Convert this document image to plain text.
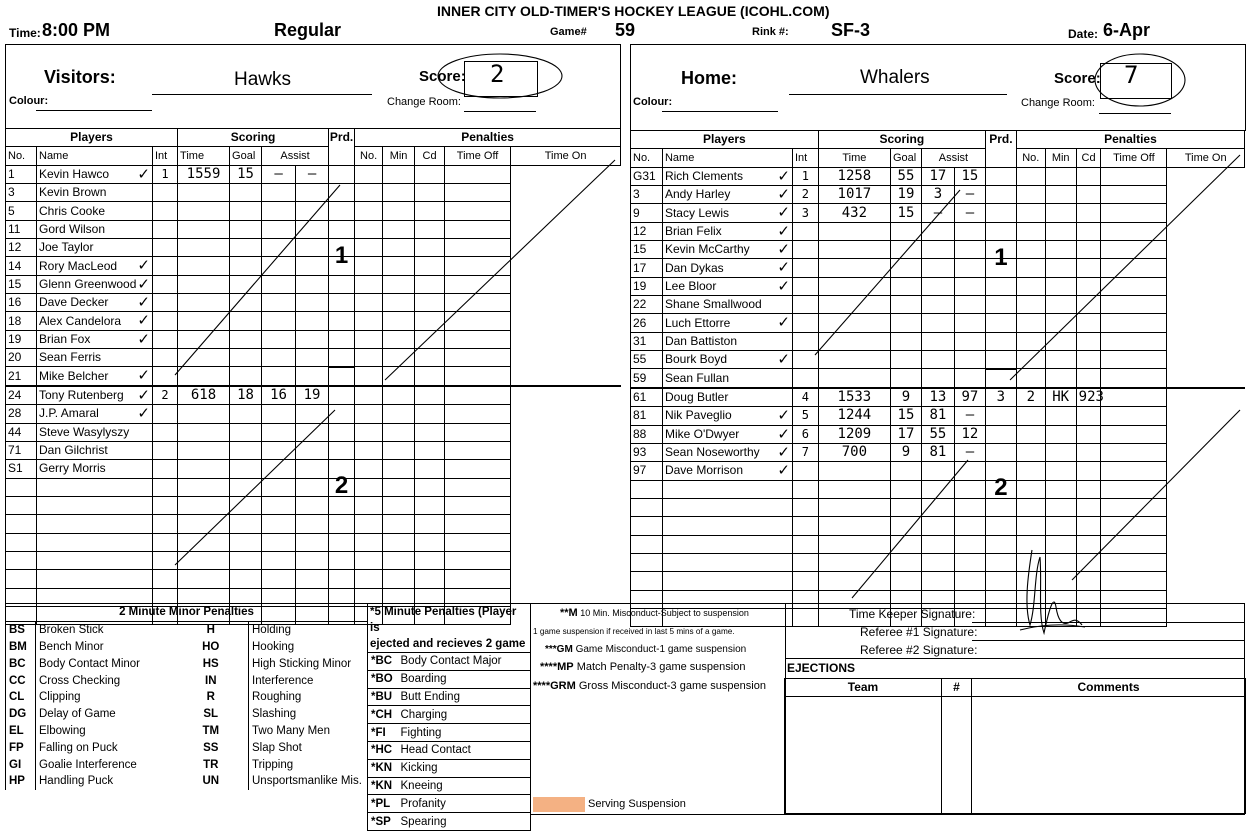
INNER CITY OLD-TIMER'S HOCKEY LEAGUE (ICOHL.COM)
Time: 8:00 PM	Regular	Game# 59	Rink #: SF-3	Date: 6-Apr
Visitors:	Hawks	Score: 2
Colour:	Change Room:
Players			Scoring				Prd.
1
2	Penalties				
No.	Name	Int	Time	Goal	Assist			No.	Min	Cd	Time Off	Time On
1	Kevin Hawco ✓	1	1559	15	—	—						
3	Kevin Brown	

5	Chris Cooke	

11	Gord Wilson	

12	Joe Taylor	

14	Rory MacLeod ✓											

15	Glenn Greenwood ✓											

16	Dave Decker ✓											

18	Alex Candelora ✓											

19	Brian Fox ✓											

20	Sean Ferris	

21	Mike Belcher ✓											

24	Tony Rutenberg ✓	2	618	18	16	19						
28	J.P. Amaral ✓											

44	Steve Wasylyszy	

71	Dan Gilchrist	

S1	Gerry Morris	

Home:	Whalers	Score: 7
Colour:	Change Room:
Players			Scoring				Prd.
1
2	Penalties				
No.	Name	Int	Time	Goal	Assist			No.	Min	Cd	Time Off	Time On
G31	Rich Clements ✓	1	1258	55	17	15						
3	Andy Harley ✓	2	1017	19	3	—						
9	Stacy Lewis ✓	3	432	15	—	—						
12	Brian Felix ✓											

15	Kevin McCarthy ✓											

17	Dan Dykas ✓											

19	Lee Bloor ✓											

22	Shane Smallwood	

26	Luch Ettorre ✓											

31	Dan Battiston	

55	Bourk Boyd ✓											

59	Sean Fullan	

61	Doug Butler	4	1533	9	13	97	3	2	HK	923		
81	Nik Paveglio ✓	5	1244	15	81	—						
88	Mike O'Dwyer ✓	6	1209	17	55	12						
93	Sean Noseworthy ✓	7	700	9	81	—						
97	Dave Morrison ✓											

2 Minute Minor Penalties			
BS	Broken Stick	H	Holding
BM	Bench Minor	HO	Hooking
BC	Body Contact Minor	HS	High Sticking Minor
CC	Cross Checking	IN	Interference
CL	Clipping	R	Roughing
DG	Delay of Game	SL	Slashing
EL	Elbowing	TM	Two Many Men
FP	Falling on Puck	SS	Slap Shot
GI	Goalie Interference	TR	Tripping
HP	Handling Puck	UN	Unsportsmanlike Mis.
*5 Minute Penalties (Player is
ejected and recieves 2 game	

*BC	Body Contact Major
*BO	Boarding
*BU	Butt Ending
*CH	Charging
*FI	Fighting
*HC	Head Contact
*KN	Kicking
*KN	Kneeing
*PL	Profanity
*SP	Spearing
**M 10 Min. Misconduct-Subject to suspension
1 game suspension if received in last 5 mins of a game.
***GM Game Misconduct-1 game suspension
****MP Match Penalty-3 game suspension
****GRM Gross Misconduct-3 game suspension
Serving Suspension
Time Keeper Signature:
Referee #1 Signature:
Referee #2 Signature:
EJECTIONS
Team	#	Comments
